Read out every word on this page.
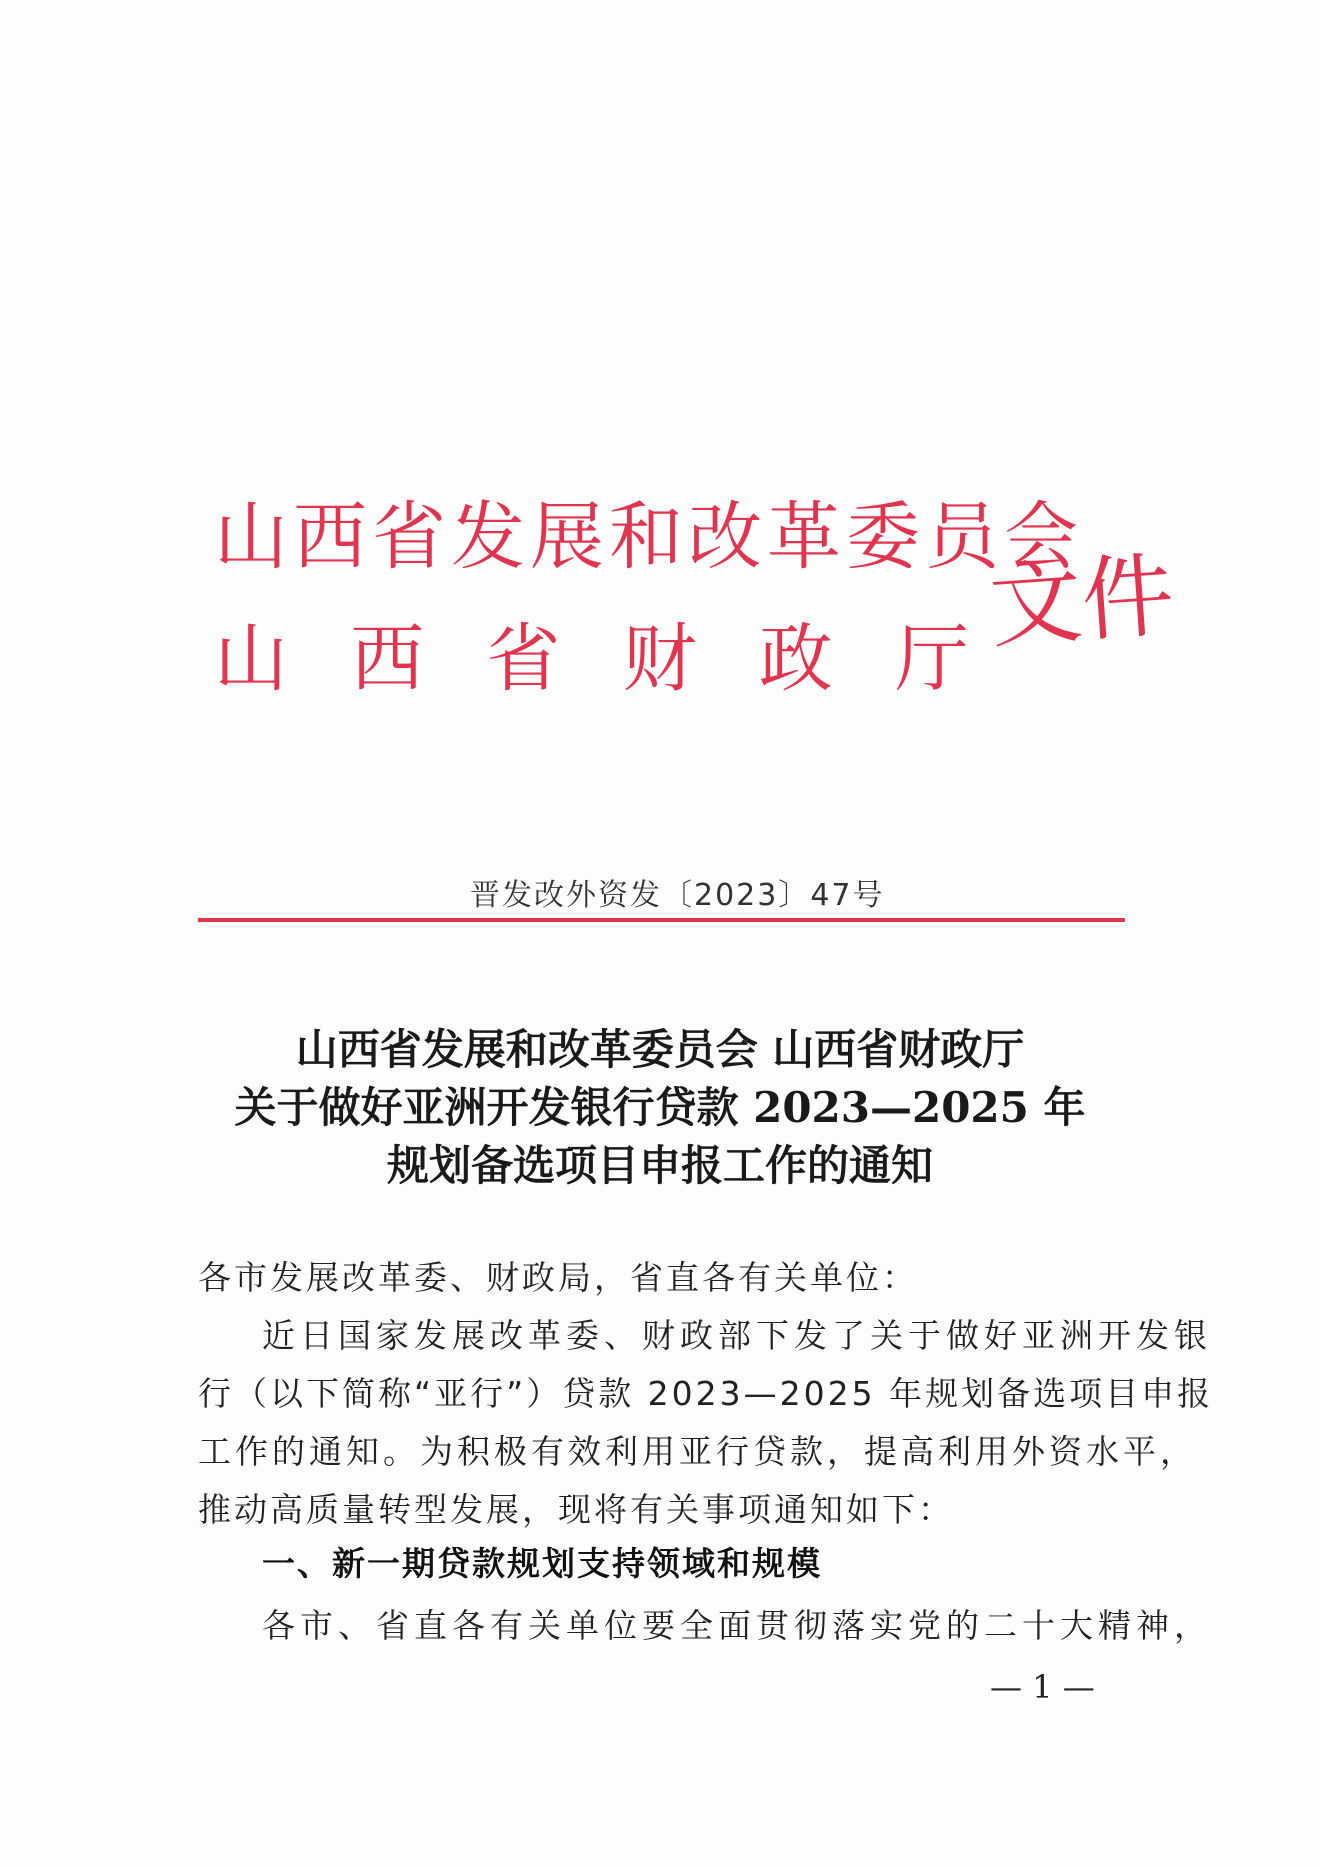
山西省发展和改革委员会
山 西 省 财 政 厅 文件
晋发改外资发〔2023〕47号
山西省发展和改革委员会 山西省财政厅
关于做好亚洲开发银行贷款 2023—2025 年
规划备选项目申报工作的通知
各市发展改革委、财政局，省直各有关单位：
近日国家发展改革委、财政部下发了关于做好亚洲开发银
行（以下简称“亚行”）贷款 2023—2025 年规划备选项目申报
工作的通知。为积极有效利用亚行贷款，提高利用外资水平，
推动高质量转型发展，现将有关事项通知如下：
一、新一期贷款规划支持领域和规模
各市、省直各有关单位要全面贯彻落实党的二十大精神，
— 1 —
